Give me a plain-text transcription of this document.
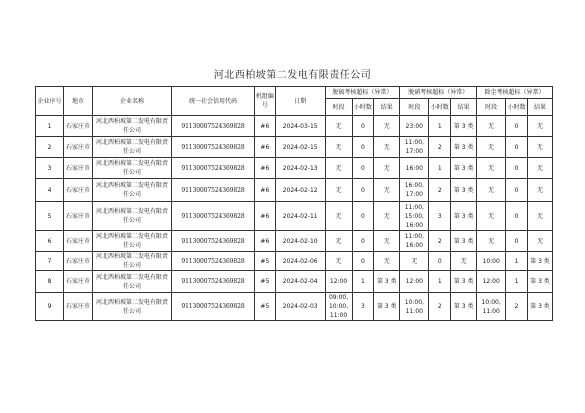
河北西柏坡第二发电有限责任公司
企业序号	地市	企业名称	统一社会信用代码	机组编号	日期	脱硫考核超标（异常）			脱硝考核超标（异常）			除尘考核超标（异常）		
						时段	小时数	结果	时段	小时数	结果	时段	小时数	结果
1	石家庄市	河北西柏坡第二发电有限责任公司	91130007524369828	#6	2024-03-15	无	0	无	23:00	1	第 3 类	无	0	无
2	石家庄市	河北西柏坡第二发电有限责任公司	91130007524369828	#6	2024-02-15	无	0	无	11:00, 17:00	2	第 3 类	无	0	无
3	石家庄市	河北西柏坡第二发电有限责任公司	91130007524369828	#6	2024-02-13	无	0	无	16:00	1	第 3 类	无	0	无
4	石家庄市	河北西柏坡第二发电有限责任公司	91130007524369828	#6	2024-02-12	无	0	无	16:00, 17:00	2	第 3 类	无	0	无
5	石家庄市	河北西柏坡第二发电有限责任公司	91130007524369828	#6	2024-02-11	无	0	无	11:00, 15:00, 16:00	3	第 3 类	无	0	无
6	石家庄市	河北西柏坡第二发电有限责任公司	91130007524369828	#6	2024-02-10	无	0	无	11:00, 16:00	2	第 3 类	无	0	无
7	石家庄市	河北西柏坡第二发电有限责任公司	91130007524369828	#5	2024-02-06	无	0	无	无	0	无	10:00	1	第 3 类
8	石家庄市	河北西柏坡第二发电有限责任公司	91130007524369828	#5	2024-02-04	12:00	1	第 3 类	12:00	1	第 3 类	12:00	1	第 3 类
9	石家庄市	河北西柏坡第二发电有限责任公司	91130007524369828	#5	2024-02-03	09:00, 10:00, 11:00	3	第 3 类	10:00, 11:00	2	第 3 类	10:00, 11:00	2	第 3 类
